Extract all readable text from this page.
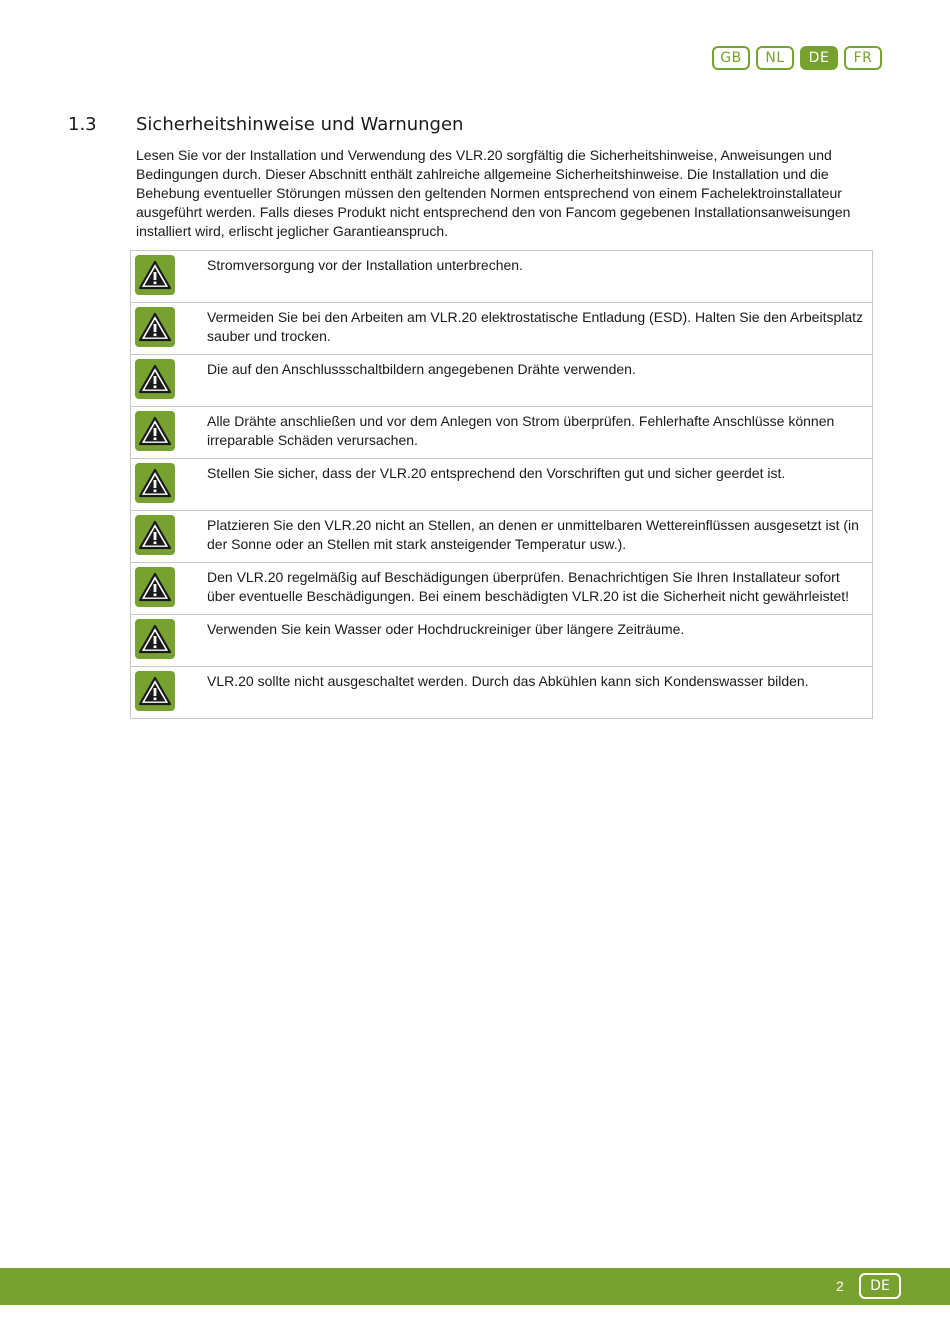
GB	NL	DE	FR
1.3	Sicherheitshinweise und Warnungen

Lesen Sie vor der Installation und Verwendung des VLR.20 sorgfältig die Sicherheitshinweise, Anweisungen und Bedingungen durch. Dieser Abschnitt enthält zahlreiche allgemeine Sicherheitshinweise. Die Installation und die Behebung eventueller Störungen müssen den geltenden Normen entsprechend von einem Fachelektroinstallateur ausgeführt werden. Falls dieses Produkt nicht entsprechend den von Fancom gegebenen Installationsanweisungen installiert wird, erlischt jeglicher Garantieanspruch.

Stromversorgung vor der Installation unterbrechen.
Vermeiden Sie bei den Arbeiten am VLR.20 elektrostatische Entladung (ESD). Halten Sie den Arbeitsplatz sauber und trocken.
Die auf den Anschlussschaltbildern angegebenen Drähte verwenden.
Alle Drähte anschließen und vor dem Anlegen von Strom überprüfen. Fehlerhafte Anschlüsse können irreparable Schäden verursachen.
Stellen Sie sicher, dass der VLR.20 entsprechend den Vorschriften gut und sicher geerdet ist.
Platzieren Sie den VLR.20 nicht an Stellen, an denen er unmittelbaren Wettereinflüssen ausgesetzt ist (in der Sonne oder an Stellen mit stark ansteigender Temperatur usw.).
Den VLR.20 regelmäßig auf Beschädigungen überprüfen. Benachrichtigen Sie Ihren Installateur sofort über eventuelle Beschädigungen. Bei einem beschädigten VLR.20 ist die Sicherheit nicht gewährleistet!
Verwenden Sie kein Wasser oder Hochdruckreiniger über längere Zeiträume.
VLR.20 sollte nicht ausgeschaltet werden. Durch das Abkühlen kann sich Kondenswasser bilden.
2	DE
